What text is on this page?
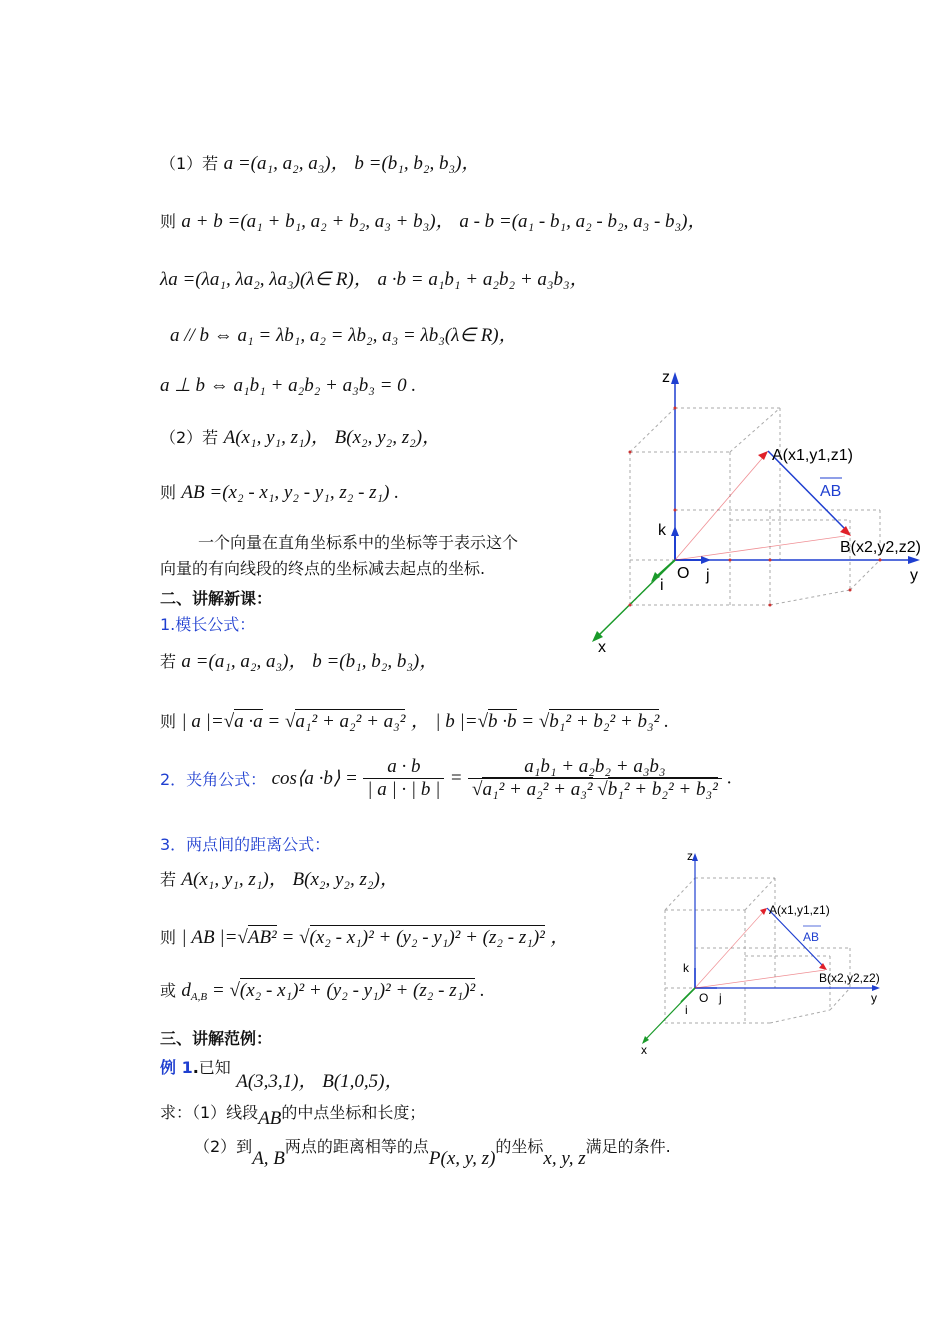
（1）若 a =(a₁, a₂, a₃)， b =(b₁, b₂, b₃)，
则 a + b =(a₁ + b₁, a₂ + b₂, a₃ + b₃)， a - b =(a₁ - b₁, a₂ - b₂, a₃ - b₃)，
λa =(λa₁, λa₂, λa₃)(λ∈ R)， a ·b = a₁b₁ + a₂b₂ + a₃b₃，
a // b ⇔ a₁ = λb₁, a₂ = λb₂, a₃ = λb₃(λ∈ R)，
a ⊥ b ⇔ a₁b₁ + a₂b₂ + a₃b₃ = 0 .
（2）若 A(x₁, y₁, z₁)， B(x₂, y₂, z₂)，
则 AB =(x₂ - x₁, y₂ - y₁, z₂ - z₁) .
一个向量在直角坐标系中的坐标等于表示这个
向量的有向线段的终点的坐标减去起点的坐标.
二、讲解新课：
1.模长公式：
若 a =(a₁, a₂, a₃)， b =(b₁, b₂, b₃)，
则 | a |=√a ·a = √a₁² + a₂² + a₃² ， | b |=√b ·b = √b₁² + b₂² + b₃² .
2．夹角公式： cos⟨a ·b⟩ = $\frac{a \cdot b}{| a | \cdot | b |} = \frac{\text{a₁b₁ + a₂b₂ + a₃b₃}}{\text{√a₁² + a₂² + a₃² √b₁² + b₂² + b₃²}}$ .
3．两点间的距离公式：
若 A(x₁, y₁, z₁)， B(x₂, y₂, z₂)，
则 | AB |=√AB² = √(x₂ - x₁)² + (y₂ - y₁)² + (z₂ - z₁)² ，
或 $d_{A,B} = √(x_2 - x_1)^2 + (y_2 - y_1)^2 + (z_2 - z_1)^2$ .
三、讲解范例：
例 1.已知 A(3,3,1)， B(1,0,5)，
求：（1）线段AB的中点坐标和长度；
（2）到A, B两点的距离相等的点P(x, y, z)的坐标x, y, z满足的条件.
z
y
x
O j
i
k
A(x1,y1,z1)
B(x2,y2,z2)
AB
z
y
x
O j
i
k
A(x1,y1,z1)
B(x2,y2,z2)
AB
